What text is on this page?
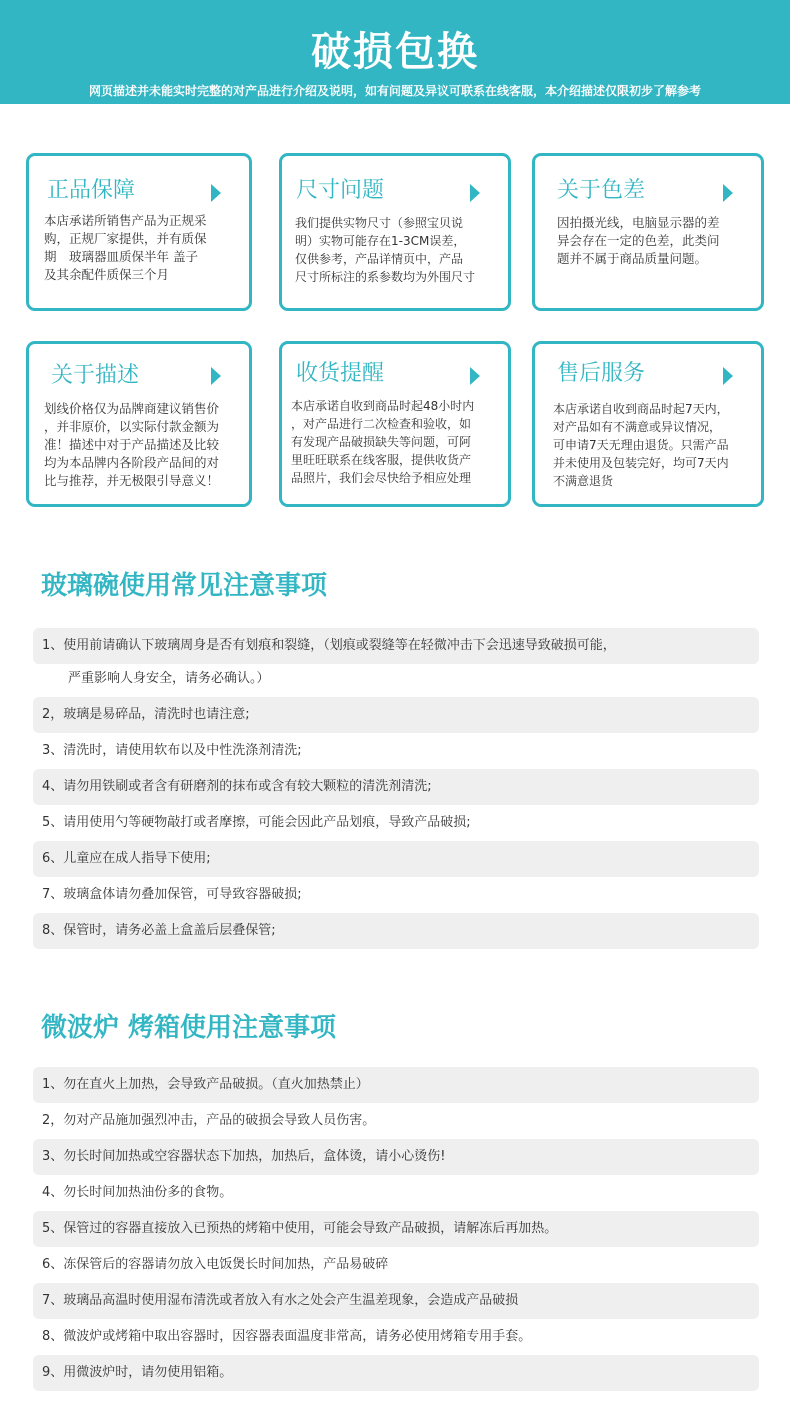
破损包换
网页描述并未能实时完整的对产品进行介绍及说明，如有问题及异议可联系在线客服，本介绍描述仅限初步了解参考
正品保障
本店承诺所销售产品为正规采
购，正规厂家提供，并有质保
期　玻璃器皿质保半年 盖子
及其余配件质保三个月
尺寸问题
我们提供实物尺寸（参照宝贝说
明）实物可能存在1-3CM误差，
仅供参考，产品详情页中，产品
尺寸所标注的系参数均为外围尺寸
关于色差
因拍摄光线，电脑显示器的差
异会存在一定的色差，此类问
题并不属于商品质量问题。
关于描述
划线价格仅为品牌商建议销售价
，并非原价，以实际付款金额为
准！描述中对于产品描述及比较
均为本品牌内各阶段产品间的对
比与推荐，并无极限引导意义！
收货提醒
本店承诺自收到商品时起48小时内
，对产品进行二次检查和验收，如
有发现产品破损缺失等问题，可阿
里旺旺联系在线客服，提供收货产
品照片，我们会尽快给予相应处理
售后服务
本店承诺自收到商品时起7天内，
对产品如有不满意或异议情况，
可申请7天无理由退货。只需产品
并未使用及包装完好，均可7天内
不满意退货
玻璃碗使用常见注意事项
1、使用前请确认下玻璃周身是否有划痕和裂缝，（划痕或裂缝等在轻微冲击下会迅速导致破损可能，
　　严重影响人身安全，请务必确认。）
2，玻璃是易碎品，清洗时也请注意;
3、清洗时，请使用软布以及中性洗涤剂清洗;
4、请勿用铁刷或者含有研磨剂的抹布或含有较大颗粒的清洗剂清洗;
5、请用使用勺等硬物敲打或者摩擦，可能会因此产品划痕，导致产品破损;
6、儿童应在成人指导下使用;
7、玻璃盒体请勿叠加保管，可导致容器破损;
8、保管时，请务必盖上盒盖后层叠保管;
微波炉 烤箱使用注意事项
1、勿在直火上加热，会导致产品破损。（直火加热禁止）
2，勿对产品施加强烈冲击，产品的破损会导致人员伤害。
3、勿长时间加热或空容器状态下加热，加热后，盒体烫，请小心烫伤!
4、勿长时间加热油份多的食物。
5、保管过的容器直接放入已预热的烤箱中使用，可能会导致产品破损，请解冻后再加热。
6、冻保管后的容器请勿放入电饭煲长时间加热，产品易破碎
7、玻璃品高温时使用湿布清洗或者放入有水之处会产生温差现象，会造成产品破损
8、微波炉或烤箱中取出容器时，因容器表面温度非常高，请务必使用烤箱专用手套。
9、用微波炉时，请勿使用铝箱。
